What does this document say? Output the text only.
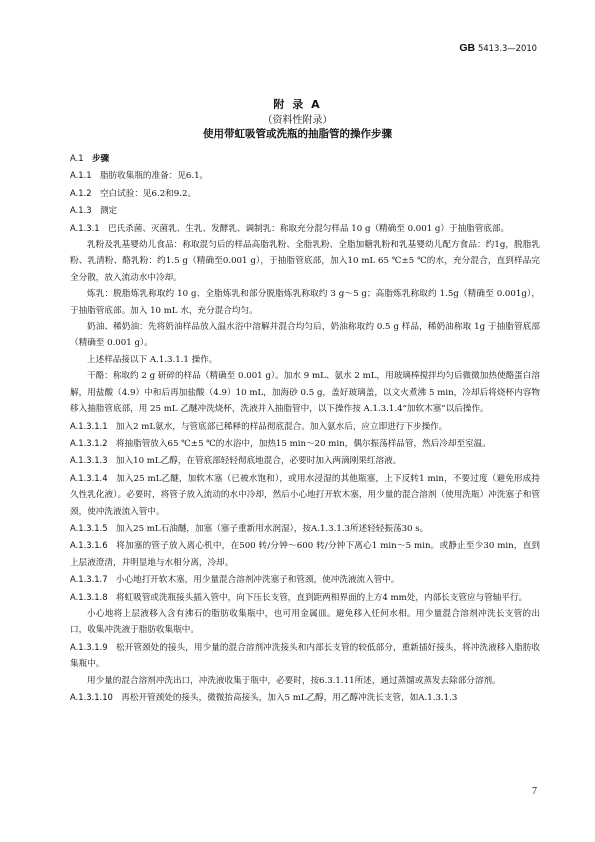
GB 5413.3—2010
附 录 A
（资料性附录）
使用带虹吸管或洗瓶的抽脂管的操作步骤

A.1　步骤

A.1.1　脂肪收集瓶的准备：见6.1。

A.1.2　空白试验：见6.2和9.2。

A.1.3　测定

A.1.3.1　巴氏杀菌、灭菌乳、生乳、发酵乳、调制乳：称取充分混匀样品 10 g（精确至 0.001 g）于抽脂管底部。

乳粉及乳基婴幼儿食品：称取混匀后的样品高脂乳粉、全脂乳粉、全脂加糖乳粉和乳基婴幼儿配方食品：约1g，脱脂乳粉、乳清粉、酪乳粉：约1.5 g（精确至0.001 g），于抽脂管底部，加入10 mL 65 ℃±5 ℃的水，充分混合，直到样品完全分散，放入流动水中冷却。

炼乳：脱脂炼乳称取约 10 g、全脂炼乳和部分脱脂炼乳称取约 3 g～5 g；高脂炼乳称取约 1.5g（精确至 0.001g），于抽脂管底部。加入 10 mL 水，充分混合均匀。

奶油、稀奶油：先将奶油样品放入温水浴中溶解并混合均匀后，奶油称取约 0.5 g 样品，稀奶油称取 1g 于抽脂管底部（精确至 0.001 g）。

上述样品接以下 A.1.3.1.1 操作。

干酪：称取约 2 g 研碎的样品（精确至 0.001 g）。加水 9 mL、氨水 2 mL，用玻璃棒搅拌均匀后微微加热使酪蛋白溶解，用盐酸（4.9）中和后再加盐酸（4.9）10 mL，加海砂 0.5 g，盖好玻璃盖，以文火煮沸 5 min，冷却后将烧杯内容物移入抽脂管底部，用 25 mL 乙醚冲洗烧杯，洗液并入抽脂管中，以下操作按 A.1.3.1.4“加软木塞”以后操作。

A.1.3.1.1　加入2 mL氨水，与管底部已稀释的样品彻底混合。加入氨水后，应立即进行下步操作。

A.1.3.1.2　将抽脂管放入65 ℃±5 ℃的水浴中，加热15 min～20 min，偶尔振荡样品管，然后冷却至室温。

A.1.3.1.3　加入10 mL乙醇，在管底部轻轻彻底地混合，必要时加入两滴刚果红溶液。

A.1.3.1.4　加入25 mL乙醚，加软木塞（已被水饱和），或用水浸湿的其他瓶塞，上下反转1 min，不要过度（避免形成持久性乳化液）。必要时，将管子放入流动的水中冷却，然后小心地打开软木塞，用少量的混合溶剂（使用洗瓶）冲洗塞子和管颈，使冲洗液流入管中。

A.1.3.1.5　加入25 mL石油醚，加塞（塞子重新用水润湿），按A.1.3.1.3所述轻轻振荡30 s。

A.1.3.1.6　将加塞的管子放入离心机中，在500 转/分钟～600 转/分钟下离心1 min～5 min。或静止至少30 min，直到上层液澄清，并明显地与水相分离，冷却。

A.1.3.1.7　小心地打开软木塞，用少量混合溶剂冲洗塞子和管颈，使冲洗液流入管中。

A.1.3.1.8　将虹吸管或洗瓶接头插入管中，向下压长支管，直到距两相界面的上方4 mm处，内部长支管应与管轴平行。

小心地将上层液移入含有沸石的脂肪收集瓶中，也可用金属皿。避免移入任何水相。用少量混合溶剂冲洗长支管的出口，收集冲洗液于脂肪收集瓶中。

A.1.3.1.9　松开管颈处的接头，用少量的混合溶剂冲洗接头和内部长支管的较低部分，重新插好接头，将冲洗液移入脂肪收集瓶中。

用少量的混合溶剂冲洗出口，冲洗液收集于瓶中，必要时，按6.3.1.11所述，通过蒸馏或蒸发去除部分溶剂。

A.1.3.1.10　再松开管颈处的接头，微微抬高接头，加入5 mL乙醇，用乙醇冲洗长支管，如A.1.3.1.3

7
